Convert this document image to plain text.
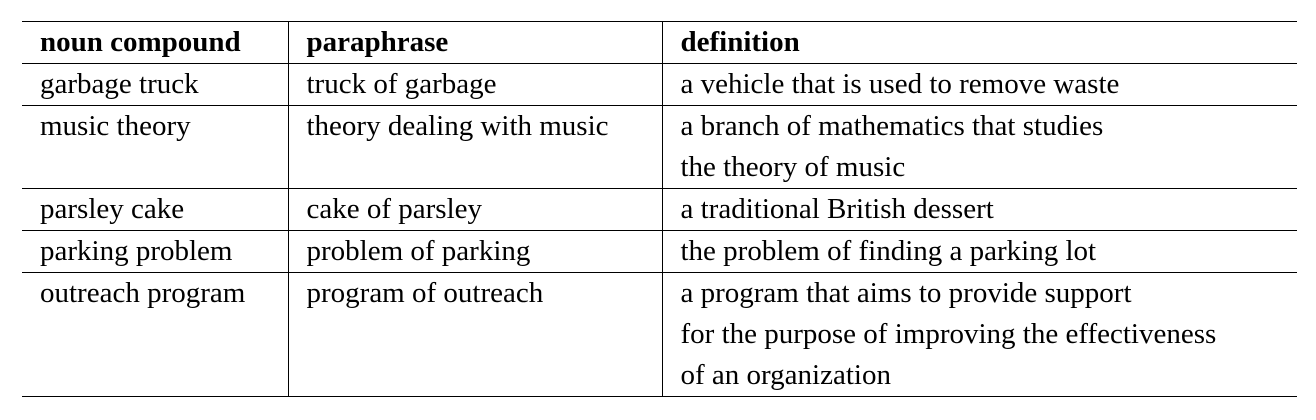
noun compound	paraphrase	definition
garbage truck	truck of garbage	a vehicle that is used to remove waste

music theory	theory dealing with music	a branch of mathematics that studies
the theory of music

parsley cake	cake of parsley	a traditional British dessert

parking problem	problem of parking	the problem of finding a parking lot

outreach program	program of outreach	a program that aims to provide support
for the purpose of improving the effectiveness
of an organization
